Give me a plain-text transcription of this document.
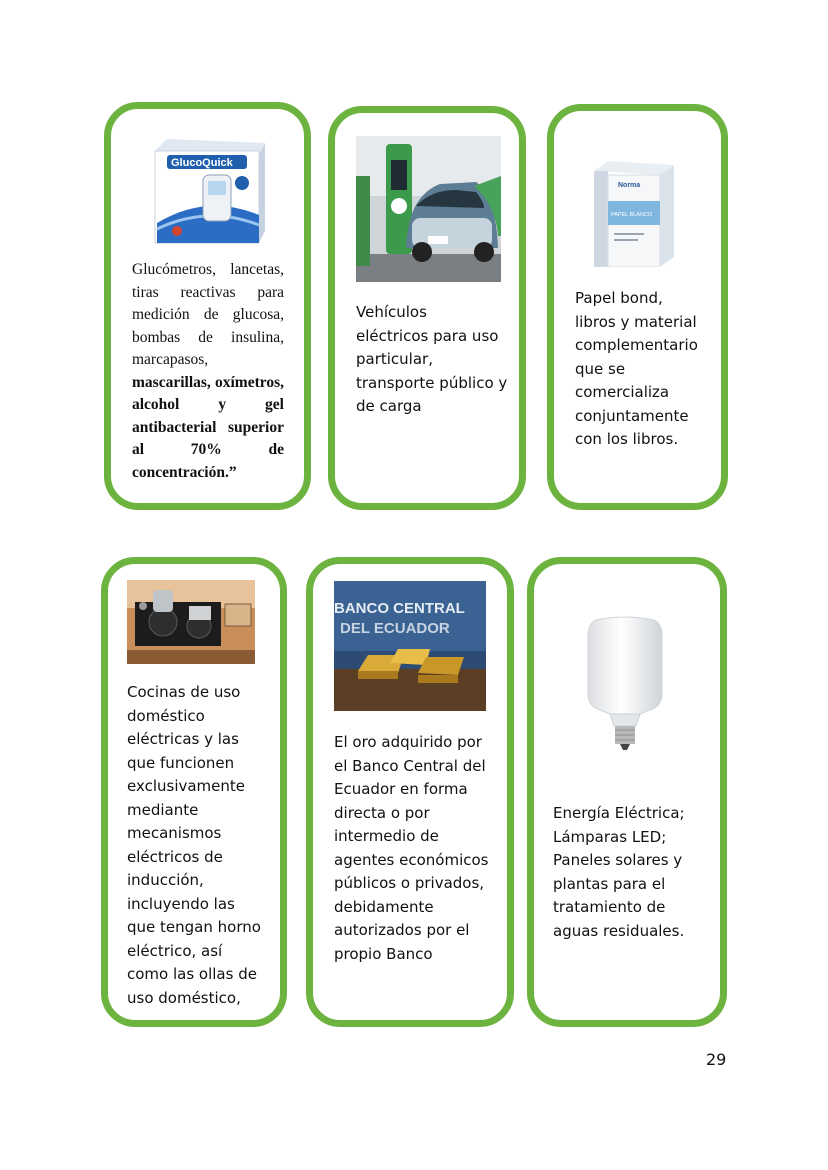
GlucoQuick
Glucómetros, lancetas, tiras reactivas para medición de glucosa, bombas de insulina, marcapasos, mascarillas, oxímetros, alcohol y gel antibacterial superior al 70% de concentración.”
Vehículos
eléctricos para uso
particular,
transporte público y
de carga
Norma
PAPEL BLANCO
Papel bond,
libros y material
complementario
que se
comercializa
conjuntamente
con los libros.
Cocinas de uso
doméstico
eléctricas y las
que funcionen
exclusivamente
mediante
mecanismos
eléctricos de
inducción,
incluyendo las
que tengan horno
eléctrico, así
como las ollas de
uso doméstico,
BANCO CENTRAL
DEL ECUADOR
El oro adquirido por
el Banco Central del
Ecuador en forma
directa o por
intermedio de
agentes económicos
públicos o privados,
debidamente
autorizados por el
propio Banco
Energía Eléctrica;
Lámparas LED;
Paneles solares y
plantas para el
tratamiento de
aguas residuales.
29
